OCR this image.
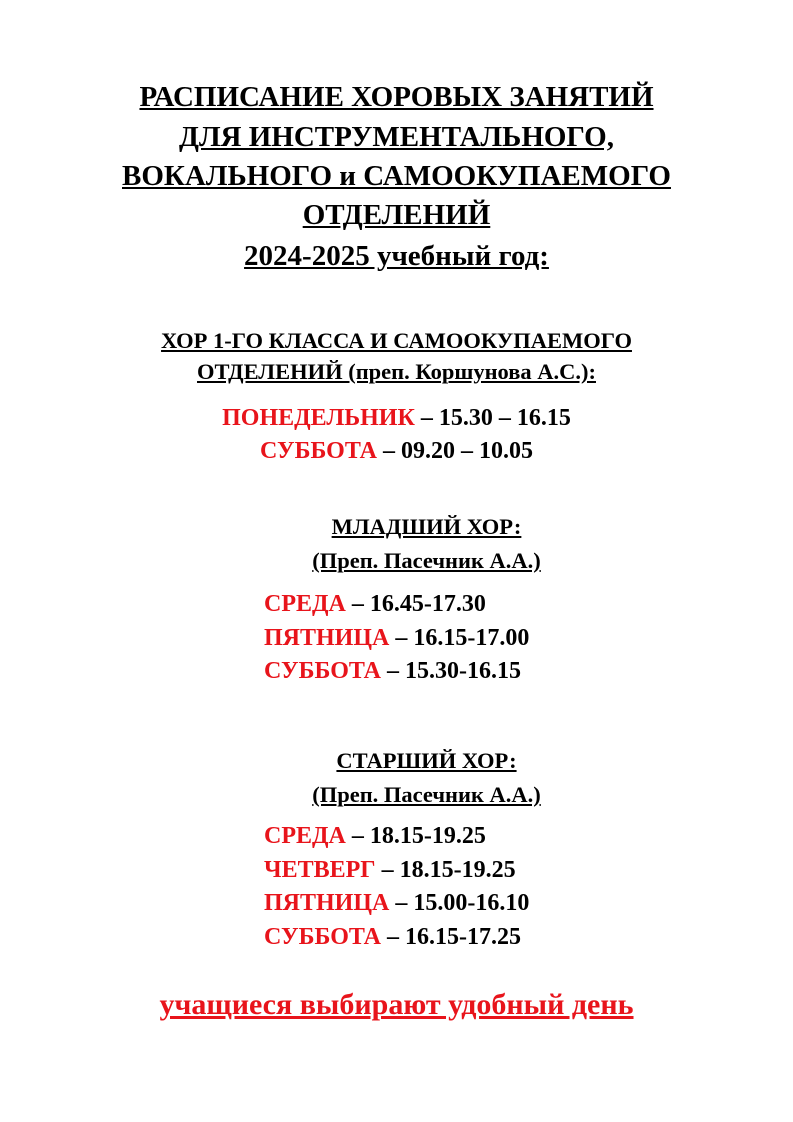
РАСПИСАНИЕ ХОРОВЫХ ЗАНЯТИЙ

ДЛЯ ИНСТРУМЕНТАЛЬНОГО,

ВОКАЛЬНОГО и САМООКУПАЕМОГО

ОТДЕЛЕНИЙ

2024-2025 учебный год:

ХОР 1-ГО КЛАССА И САМООКУПАЕМОГО

ОТДЕЛЕНИЙ (преп. Коршунова А.С.):

ПОНЕДЕЛЬНИК – 15.30 – 16.15

СУББОТА – 09.20 – 10.05

МЛАДШИЙ ХОР:

(Преп. Пасечник А.А.)

СРЕДА – 16.45-17.30
ПЯТНИЦА – 16.15-17.00
СУББОТА – 15.30-16.15

СТАРШИЙ ХОР:

(Преп. Пасечник А.А.)

СРЕДА – 18.15-19.25
ЧЕТВЕРГ – 18.15-19.25
ПЯТНИЦА – 15.00-16.10
СУББОТА – 16.15-17.25

учащиеся выбирают удобный день
